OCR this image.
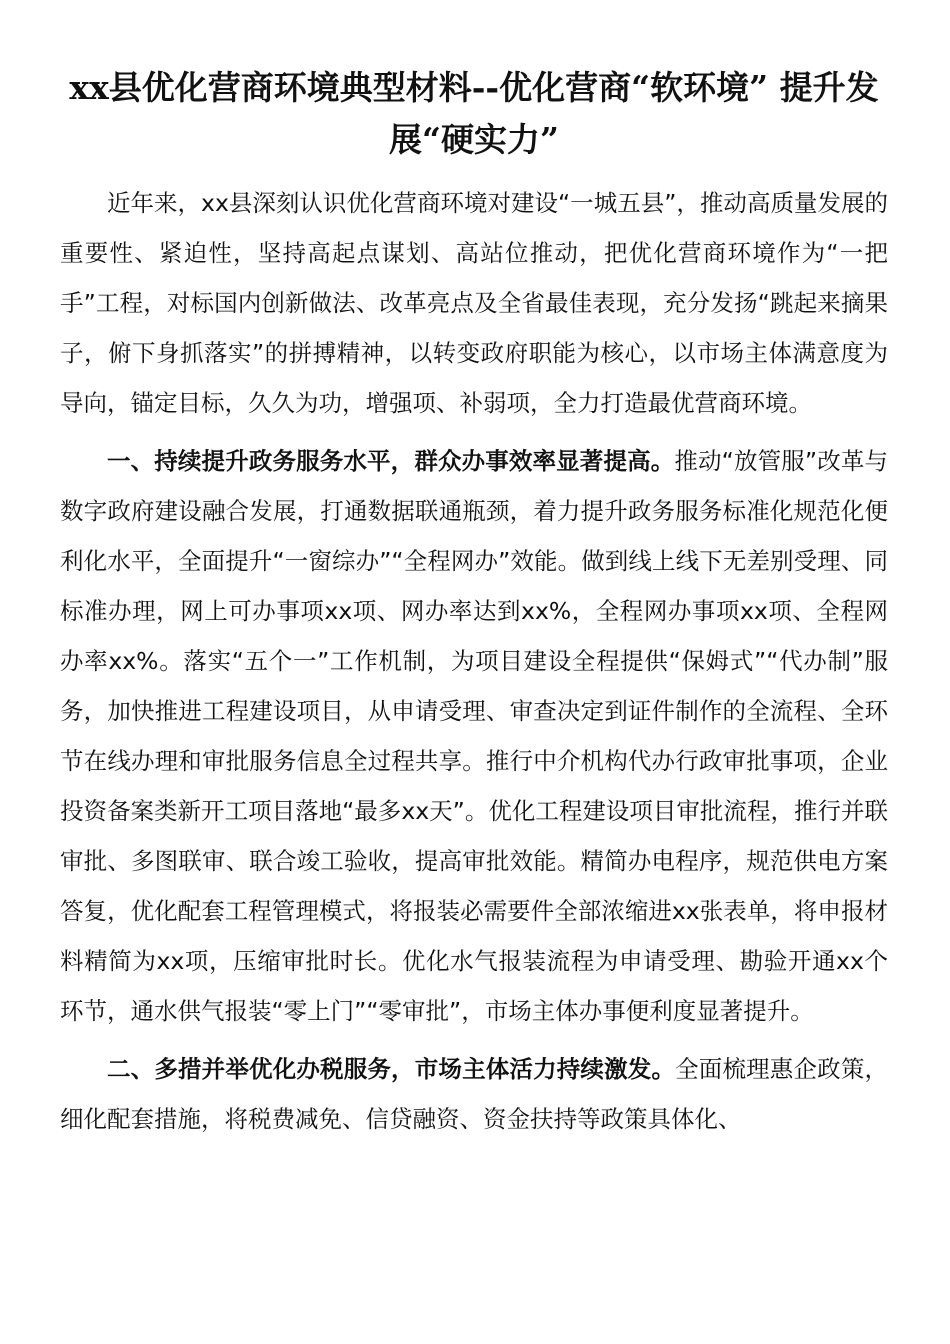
xx县优化营商环境典型材料--优化营商“软环境” 提升发展“硬实力”

近年来，xx县深刻认识优化营商环境对建设“一城五县”，推动高质量发展的重要性、紧迫性，坚持高起点谋划、高站位推动，把优化营商环境作为“一把手”工程，对标国内创新做法、改革亮点及全省最佳表现，充分发扬“跳起来摘果子，俯下身抓落实”的拼搏精神，以转变政府职能为核心，以市场主体满意度为导向，锚定目标，久久为功，增强项、补弱项，全力打造最优营商环境。

一、持续提升政务服务水平，群众办事效率显著提高。推动“放管服”改革与数字政府建设融合发展，打通数据联通瓶颈，着力提升政务服务标准化规范化便利化水平，全面提升“一窗综办”“全程网办”效能。做到线上线下无差别受理、同标准办理，网上可办事项xx项、网办率达到xx%，全程网办事项xx项、全程网办率xx%。落实“五个一”工作机制，为项目建设全程提供“保姆式”“代办制”服务，加快推进工程建设项目，从申请受理、审查决定到证件制作的全流程、全环节在线办理和审批服务信息全过程共享。推行中介机构代办行政审批事项，企业投资备案类新开工项目落地“最多xx天”。优化工程建设项目审批流程，推行并联审批、多图联审、联合竣工验收，提高审批效能。精简办电程序，规范供电方案答复，优化配套工程管理模式，将报装必需要件全部浓缩进xx张表单，将申报材料精简为xx项，压缩审批时长。优化水气报装流程为申请受理、勘验开通xx个环节，通水供气报装“零上门”“零审批”，市场主体办事便利度显著提升。

二、多措并举优化办税服务，市场主体活力持续激发。全面梳理惠企政策，细化配套措施，将税费减免、信贷融资、资金扶持等政策具体化、
